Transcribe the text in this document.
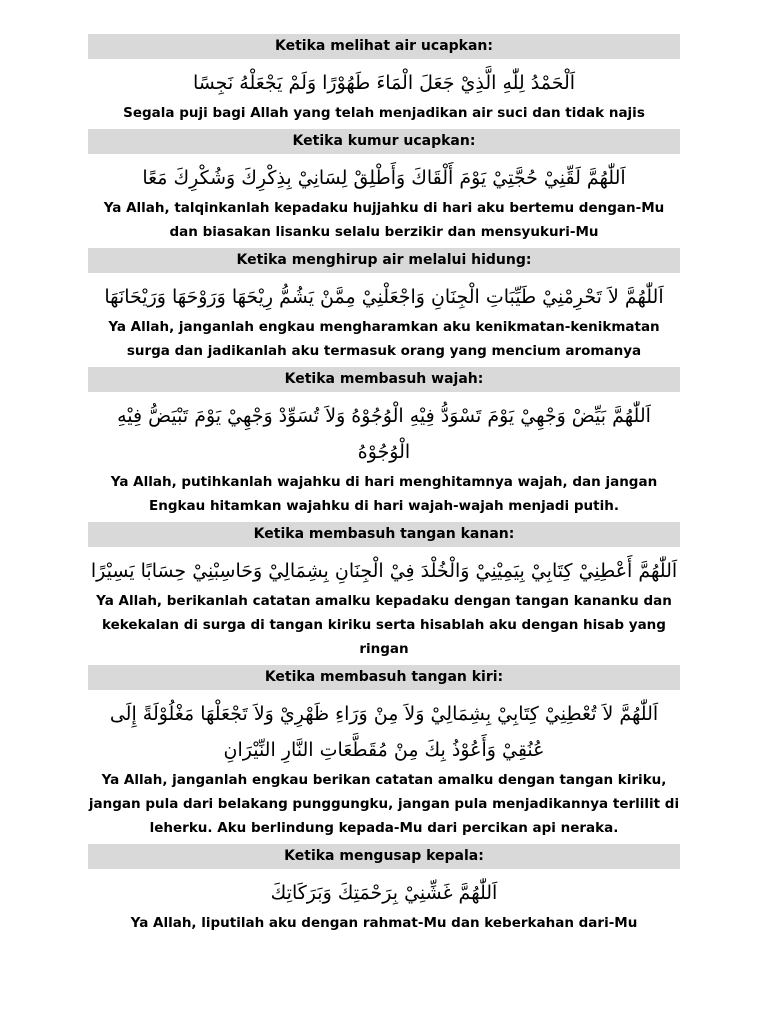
Ketika melihat air ucapkan:
اَلْحَمْدُ لِلّٰهِ الَّذِيْ جَعَلَ الْمَاءَ طَهُوْرًا وَلَمْ يَجْعَلْهُ نَجِسًا
Segala puji bagi Allah yang telah menjadikan air suci dan tidak najis
Ketika kumur ucapkan:
اَللّٰهُمَّ لَقِّنِيْ حُجَّتِيْ يَوْمَ أَلْقَاكَ وَأَطْلِقْ لِسَانِيْ بِذِكْرِكَ وَشُكْرِكَ مَعًا
Ya Allah, talqinkanlah kepadaku hujjahku di hari aku bertemu dengan-Mu dan biasakan lisanku selalu berzikir dan mensyukuri-Mu
Ketika menghirup air melalui hidung:
اَللّٰهُمَّ لاَ تَحْرِمْنِيْ طَيِّبَاتِ الْجِنَانِ وَاجْعَلْنِيْ مِمَّنْ يَشُمُّ رِيْحَهَا وَرَوْحَهَا وَرَيْحَانَهَا
Ya Allah, janganlah engkau mengharamkan aku kenikmatan-kenikmatan surga dan jadikanlah aku termasuk orang yang mencium aromanya
Ketika membasuh wajah:
اَللّٰهُمَّ بَيِّضْ وَجْهِيْ يَوْمَ تَسْوَدُّ فِيْهِ الْوُجُوْهُ وَلاَ تُسَوِّدْ وَجْهِيْ يَوْمَ تَبْيَضُّ فِيْهِ الْوُجُوْهُ
Ya Allah, putihkanlah wajahku di hari menghitamnya wajah, dan jangan Engkau hitamkan wajahku di hari wajah-wajah menjadi putih.
Ketika membasuh tangan kanan:
اَللّٰهُمَّ أَعْطِنِيْ كِتَابِيْ بِيَمِيْنِيْ وَالْخُلْدَ فِيْ الْجِنَانِ بِشِمَالِيْ وَحَاسِبْنِيْ حِسَابًا يَسِيْرًا
Ya Allah, berikanlah catatan amalku kepadaku dengan tangan kananku dan kekekalan di surga di tangan kiriku serta hisablah aku dengan hisab yang ringan
Ketika membasuh tangan kiri:
اَللّٰهُمَّ لاَ تُعْطِنِيْ كِتَابِيْ بِشِمَالِيْ وَلاَ مِنْ وَرَاءِ ظَهْرِيْ وَلاَ تَجْعَلْهَا مَغْلُوْلَةً إِلَى عُنُقِيْ وَأَعُوْذُ بِكَ مِنْ مُقَطَّعَاتِ النَّارِ النِّيْرَانِ
Ya Allah, janganlah engkau berikan catatan amalku dengan tangan kiriku, jangan pula dari belakang punggungku, jangan pula menjadikannya terlilit di leherku. Aku berlindung kepada-Mu dari percikan api neraka.
Ketika mengusap kepala:
اَللّٰهُمَّ غَشِّنِيْ بِرَحْمَتِكَ وَبَرَكَاتِكَ
Ya Allah, liputilah aku dengan rahmat-Mu dan keberkahan dari-Mu
